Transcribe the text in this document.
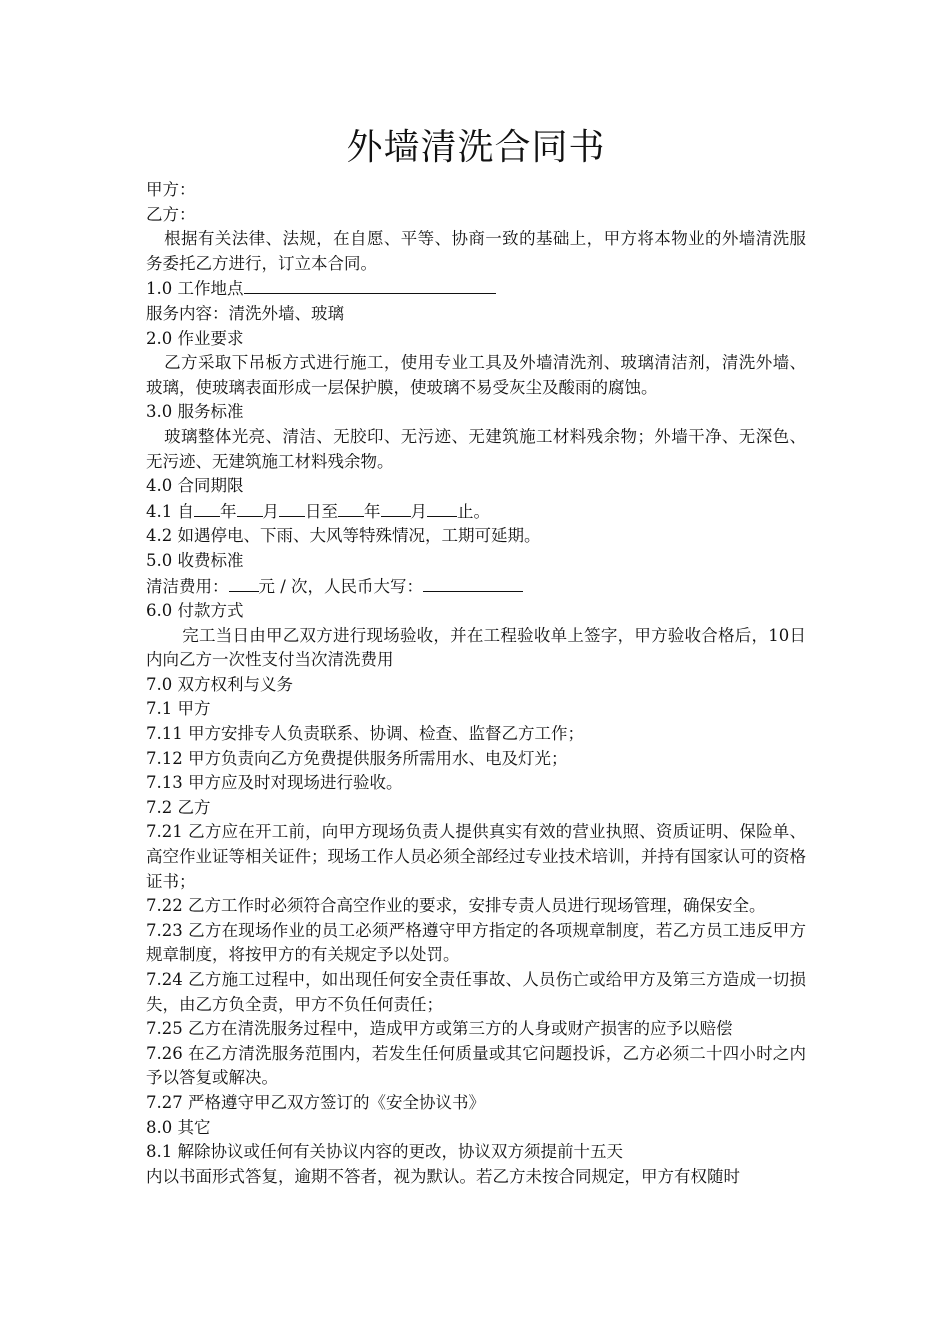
外墙清洗合同书

甲方：

乙方：

根据有关法律、法规，在自愿、平等、协商一致的基础上，甲方将本物业的外墙清洗服务委托乙方进行，订立本合同。

1.0 工作地点

服务内容：清洗外墙、玻璃

2.0 作业要求

乙方采取下吊板方式进行施工，使用专业工具及外墙清洗剂、玻璃清洁剂，清洗外墙、玻璃，使玻璃表面形成一层保护膜，使玻璃不易受灰尘及酸雨的腐蚀。

3.0 服务标准

玻璃整体光亮、清洁、无胶印、无污迹、无建筑施工材料残余物；外墙干净、无深色、无污迹、无建筑施工材料残余物。

4.0 合同期限

4.1 自 年 月 日至 年 月 止。

4.2 如遇停电、下雨、大风等特殊情况，工期可延期。

5.0 收费标准

清洁费用： 元 / 次，人民币大写：

6.0 付款方式

完工当日由甲乙双方进行现场验收，并在工程验收单上签字，甲方验收合格后，10日内向乙方一次性支付当次清洗费用

7.0 双方权利与义务

7.1 甲方

7.11 甲方安排专人负责联系、协调、检查、监督乙方工作；

7.12 甲方负责向乙方免费提供服务所需用水、电及灯光；

7.13 甲方应及时对现场进行验收。

7.2 乙方

7.21 乙方应在开工前，向甲方现场负责人提供真实有效的营业执照、资质证明、保险单、高空作业证等相关证件；现场工作人员必须全部经过专业技术培训，并持有国家认可的资格证书；

7.22 乙方工作时必须符合高空作业的要求，安排专责人员进行现场管理，确保安全。

7.23 乙方在现场作业的员工必须严格遵守甲方指定的各项规章制度，若乙方员工违反甲方规章制度，将按甲方的有关规定予以处罚。

7.24 乙方施工过程中，如出现任何安全责任事故、人员伤亡或给甲方及第三方造成一切损失，由乙方负全责，甲方不负任何责任；

7.25 乙方在清洗服务过程中，造成甲方或第三方的人身或财产损害的应予以赔偿

7.26 在乙方清洗服务范围内，若发生任何质量或其它问题投诉，乙方必须二十四小时之内予以答复或解决。

7.27 严格遵守甲乙双方签订的《安全协议书》

8.0 其它

8.1 解除协议或任何有关协议内容的更改，协议双方须提前十五天

内以书面形式答复，逾期不答者，视为默认。若乙方未按合同规定，甲方有权随时
